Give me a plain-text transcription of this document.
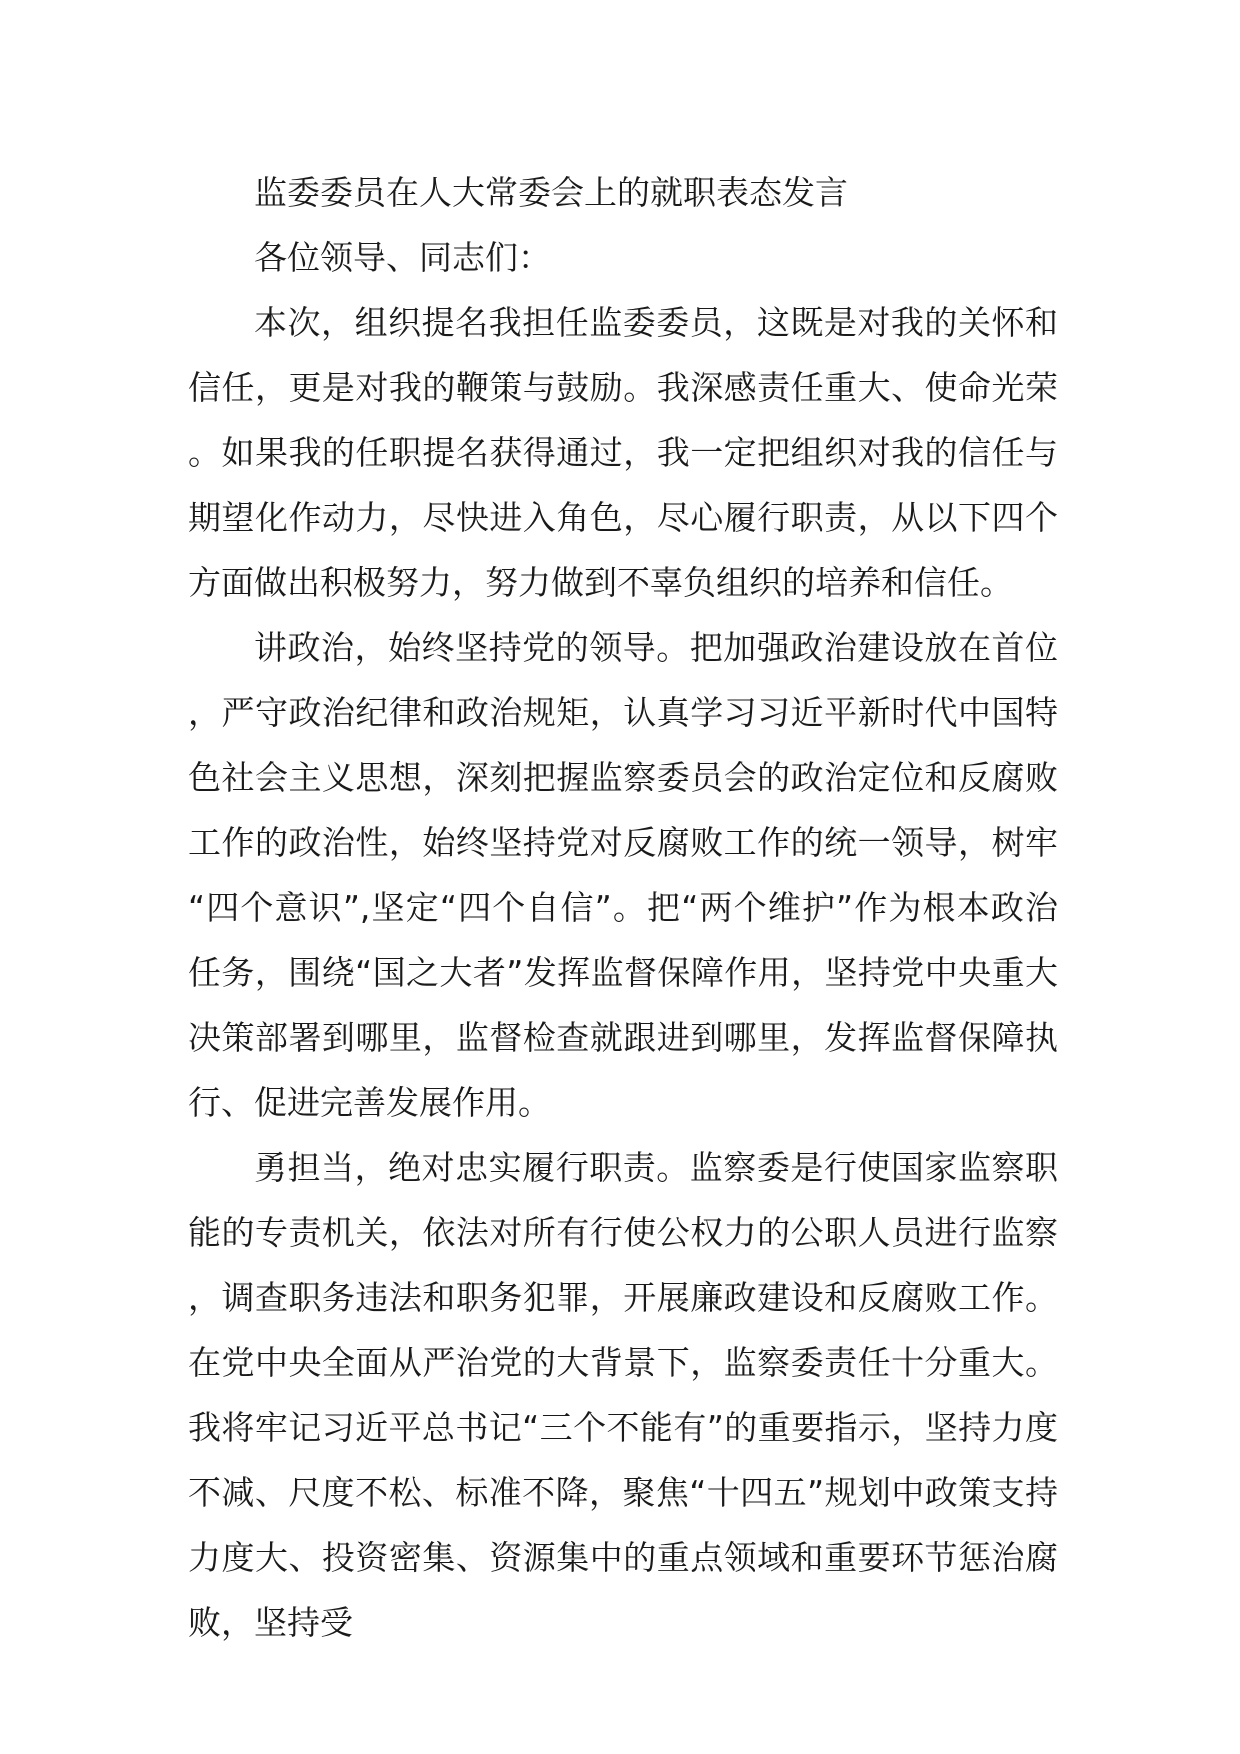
监委委员在人大常委会上的就职表态发言

各位领导、同志们：

本次，组织提名我担任监委委员，这既是对我的关怀和信任，更是对我的鞭策与鼓励。我深感责任重大、使命光荣。如果我的任职提名获得通过，我一定把组织对我的信任与期望化作动力，尽快进入角色，尽心履行职责，从以下四个方面做出积极努力，努力做到不辜负组织的培养和信任。

讲政治，始终坚持党的领导。把加强政治建设放在首位，严守政治纪律和政治规矩，认真学习习近平新时代中国特色社会主义思想，深刻把握监察委员会的政治定位和反腐败工作的政治性，始终坚持党对反腐败工作的统一领导，树牢“四个意识”,坚定“四个自信”。把“两个维护”作为根本政治任务，围绕“国之大者”发挥监督保障作用，坚持党中央重大决策部署到哪里，监督检查就跟进到哪里，发挥监督保障执行、促进完善发展作用。

勇担当，绝对忠实履行职责。监察委是行使国家监察职能的专责机关，依法对所有行使公权力的公职人员进行监察，调查职务违法和职务犯罪，开展廉政建设和反腐败工作。在党中央全面从严治党的大背景下，监察委责任十分重大。我将牢记习近平总书记“三个不能有”的重要指示，坚持力度不减、尺度不松、标准不降，聚焦“十四五”规划中政策支持力度大、投资密集、资源集中的重点领域和重要环节惩治腐败，坚持受
